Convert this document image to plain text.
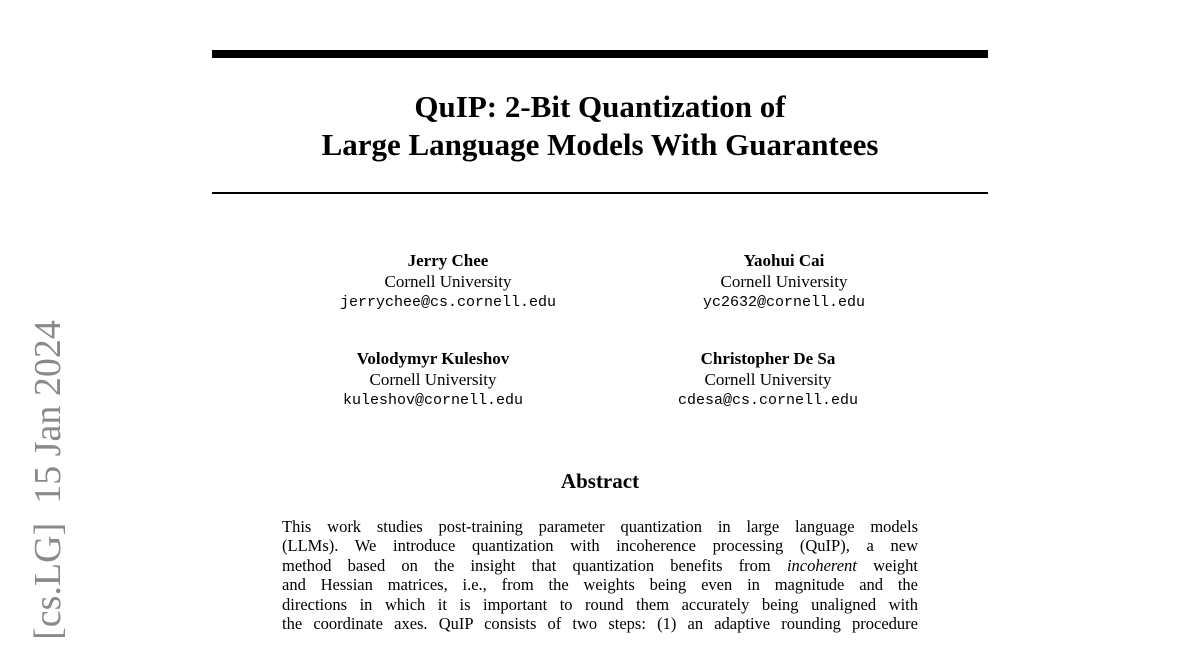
QuIP: 2-Bit Quantization of
Large Language Models With Guarantees
Jerry Chee
Cornell University
jerrychee@cs.cornell.edu
Yaohui Cai
Cornell University
yc2632@cornell.edu
Volodymyr Kuleshov
Cornell University
kuleshov@cornell.edu
Christopher De Sa
Cornell University
cdesa@cs.cornell.edu
Abstract
This work studies post-training parameter quantization in large language models
(LLMs). We introduce quantization with incoherence processing (QuIP), a new
method based on the insight that quantization benefits from incoherent weight
and Hessian matrices, i.e., from the weights being even in magnitude and the
directions in which it is important to round them accurately being unaligned with
the coordinate axes. QuIP consists of two steps: (1) an adaptive rounding procedure
[cs.LG]  15 Jan 2024
